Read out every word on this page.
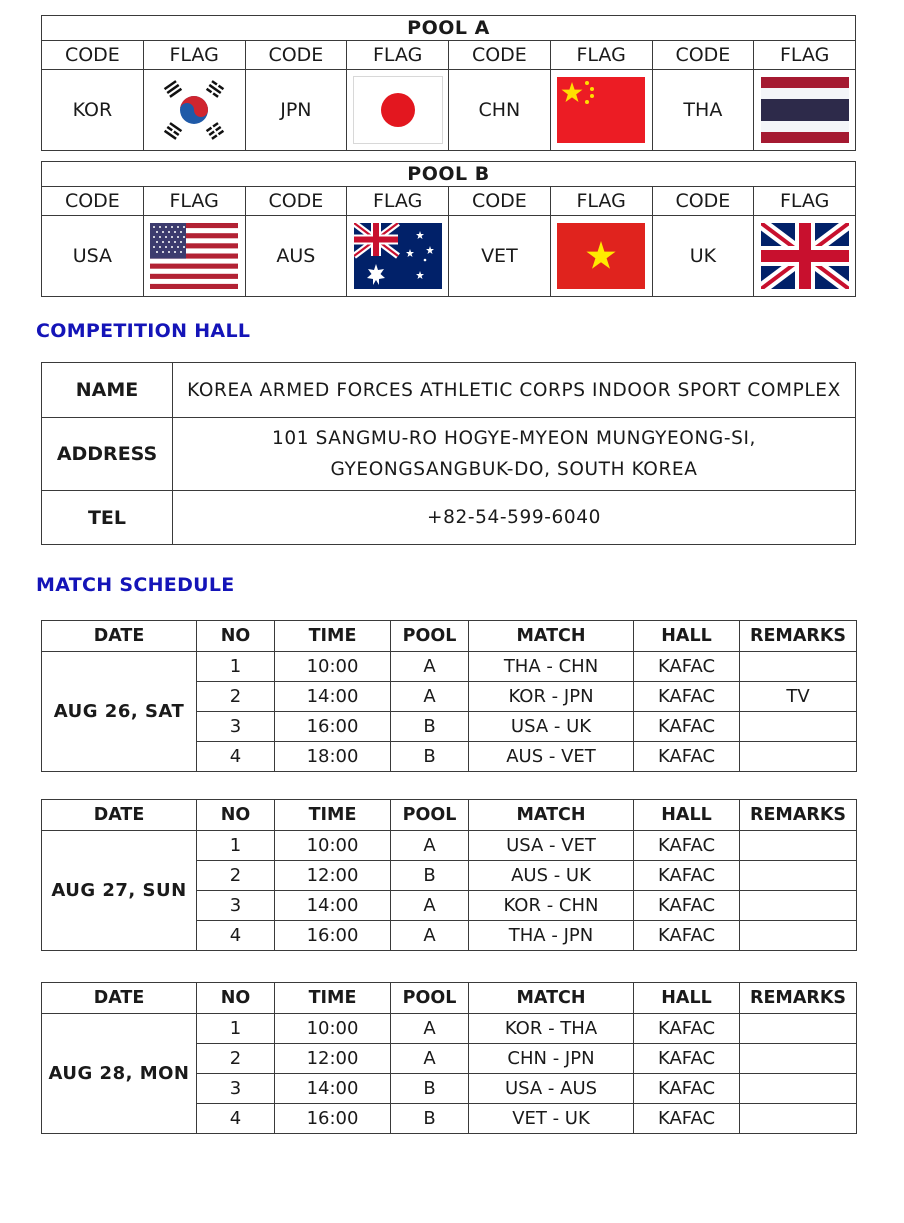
POOL A							
CODE	FLAG	CODE	FLAG	CODE	FLAG	CODE	FLAG
KOR		JPN		CHN		THA	
POOL B							
CODE	FLAG	CODE	FLAG	CODE	FLAG	CODE	FLAG
USA		AUS		VET		UK	
COMPETITION HALL
NAME	KOREA ARMED FORCES ATHLETIC CORPS INDOOR SPORT COMPLEX
ADDRESS	101 SANGMU-RO HOGYE-MYEON MUNGYEONG-SI,
GYEONGSANGBUK-DO, SOUTH KOREA

TEL	+82-54-599-6040
MATCH SCHEDULE
DATE	NO	TIME	POOL	MATCH	HALL	REMARKS
AUG 26, SAT	1	10:00	A	THA - CHN	KAFAC	
	2	14:00	A	KOR - JPN	KAFAC	TV
	3	16:00	B	USA - UK	KAFAC	
	4	18:00	B	AUS - VET	KAFAC	
DATE	NO	TIME	POOL	MATCH	HALL	REMARKS
AUG 27, SUN	1	10:00	A	USA - VET	KAFAC	
	2	12:00	B	AUS - UK	KAFAC	
	3	14:00	A	KOR - CHN	KAFAC	
	4	16:00	A	THA - JPN	KAFAC	
DATE	NO	TIME	POOL	MATCH	HALL	REMARKS
AUG 28, MON	1	10:00	A	KOR - THA	KAFAC	
	2	12:00	A	CHN - JPN	KAFAC	
	3	14:00	B	USA - AUS	KAFAC	
	4	16:00	B	VET - UK	KAFAC	
